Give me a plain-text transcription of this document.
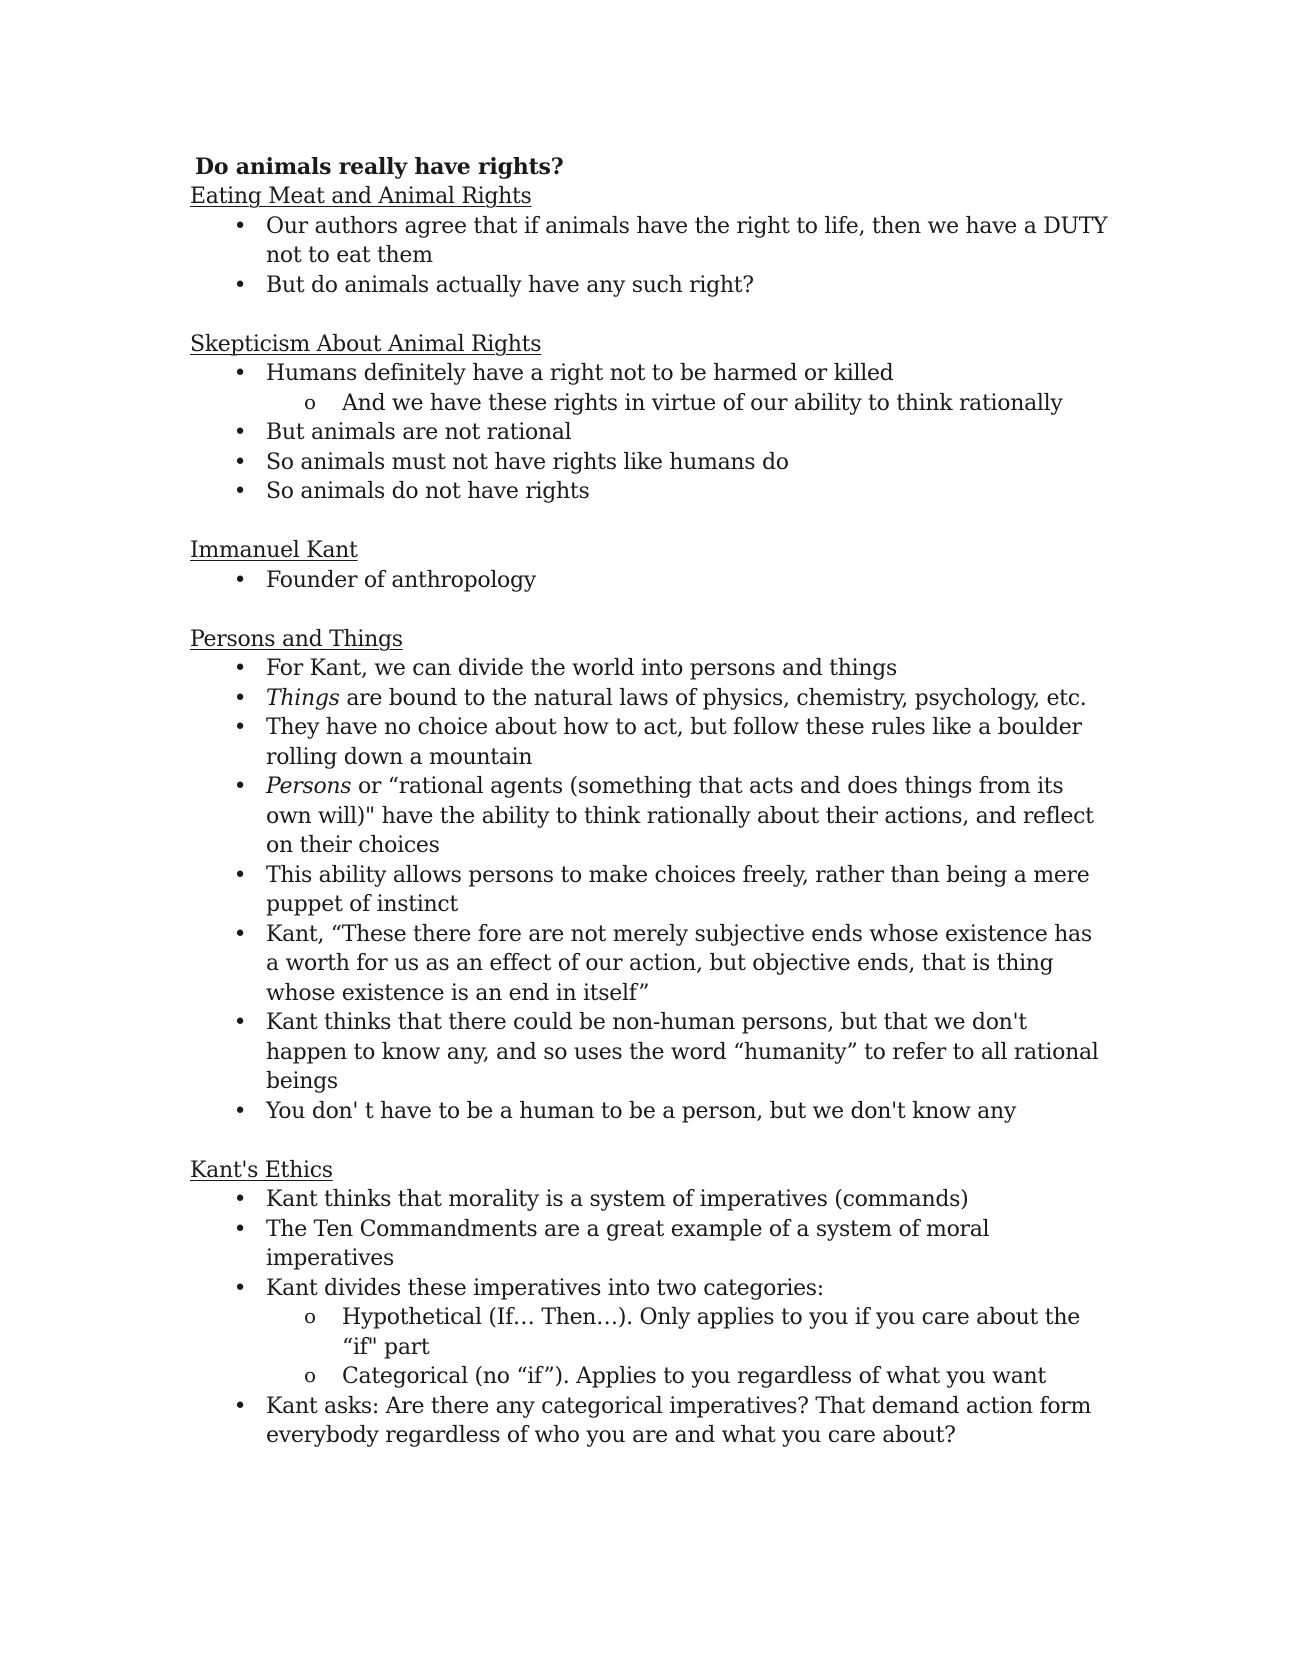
Do animals really have rights?
Eating Meat and Animal Rights
• Our authors agree that if animals have the right to life, then we have a DUTY not to eat them
• But do animals actually have any such right?
Skepticism About Animal Rights
• Humans definitely have a right not to be harmed or killed
o And we have these rights in virtue of our ability to think rationally
• But animals are not rational
• So animals must not have rights like humans do
• So animals do not have rights
Immanuel Kant
• Founder of anthropology
Persons and Things
• For Kant, we can divide the world into persons and things
• Things are bound to the natural laws of physics, chemistry, psychology, etc.
• They have no choice about how to act, but follow these rules like a boulder rolling down a mountain
• Persons or “rational agents (something that acts and does things from its own will)" have the ability to think rationally about their actions, and reflect on their choices
• This ability allows persons to make choices freely, rather than being a mere puppet of instinct
• Kant, “These there fore are not merely subjective ends whose existence has a worth for us as an effect of our action, but objective ends, that is thing whose existence is an end in itself”
• Kant thinks that there could be non-human persons, but that we don't happen to know any, and so uses the word “humanity” to refer to all rational beings
• You don' t have to be a human to be a person, but we don't know any
Kant's Ethics
• Kant thinks that morality is a system of imperatives (commands)
• The Ten Commandments are a great example of a system of moral imperatives
• Kant divides these imperatives into two categories:
o Hypothetical (If… Then…). Only applies to you if you care about the “if" part
o Categorical (no “if”). Applies to you regardless of what you want
• Kant asks: Are there any categorical imperatives? That demand action form everybody regardless of who you are and what you care about?
